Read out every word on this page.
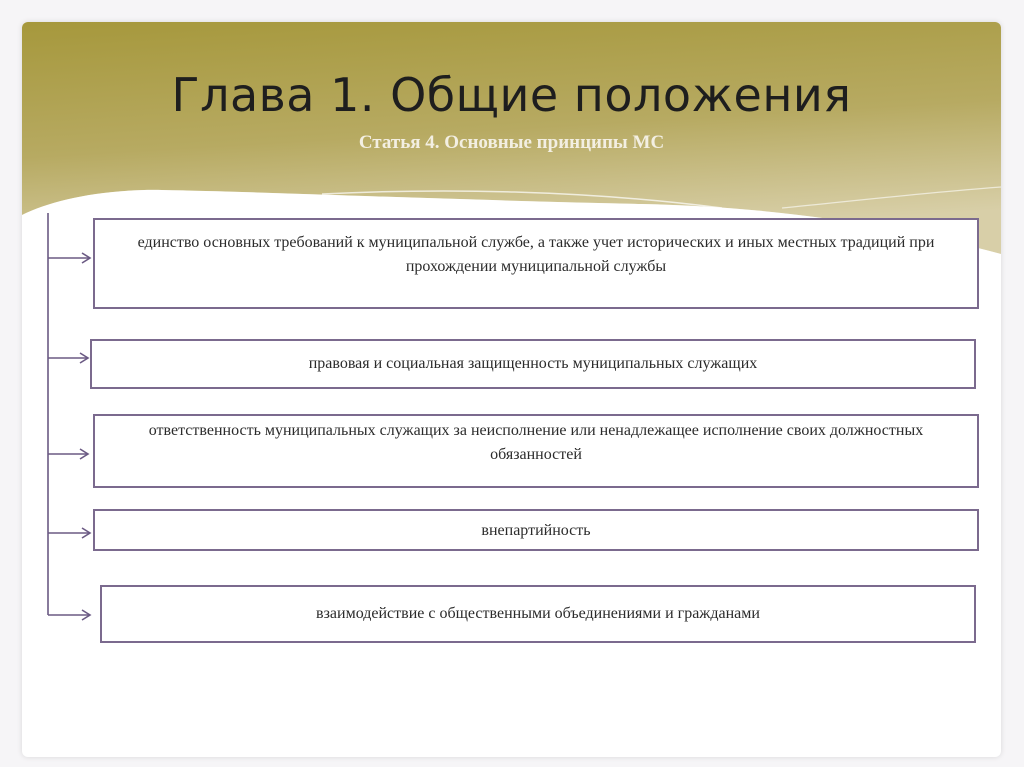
Глава 1. Общие положения
Статья 4. Основные принципы МС
единство основных требований к муниципальной службе, а также учет исторических и иных местных традиций при прохождении муниципальной службы
правовая и социальная защищенность муниципальных служащих
ответственность муниципальных служащих за неисполнение или ненадлежащее исполнение своих должностных обязанностей
внепартийность
взаимодействие с общественными объединениями и гражданами
